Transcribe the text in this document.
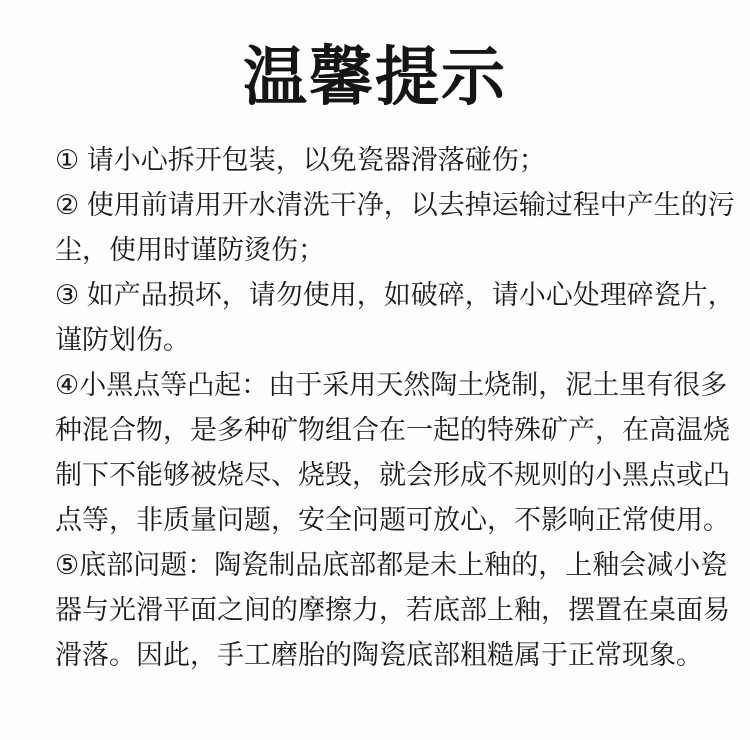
温馨提示
① 请小心拆开包装，以免瓷器滑落碰伤；
② 使用前请用开水清洗干净，以去掉运输过程中产生的污
尘，使用时谨防烫伤；
③ 如产品损坏，请勿使用，如破碎，请小心处理碎瓷片，
谨防划伤。
④小黑点等凸起：由于采用天然陶土烧制，泥土里有很多
种混合物，是多种矿物组合在一起的特殊矿产，在高温烧
制下不能够被烧尽、烧毁，就会形成不规则的小黑点或凸
点等，非质量问题，安全问题可放心，不影响正常使用。
⑤底部问题：陶瓷制品底部都是未上釉的，上釉会减小瓷
器与光滑平面之间的摩擦力，若底部上釉，摆置在桌面易
滑落。因此，手工磨胎的陶瓷底部粗糙属于正常现象。
